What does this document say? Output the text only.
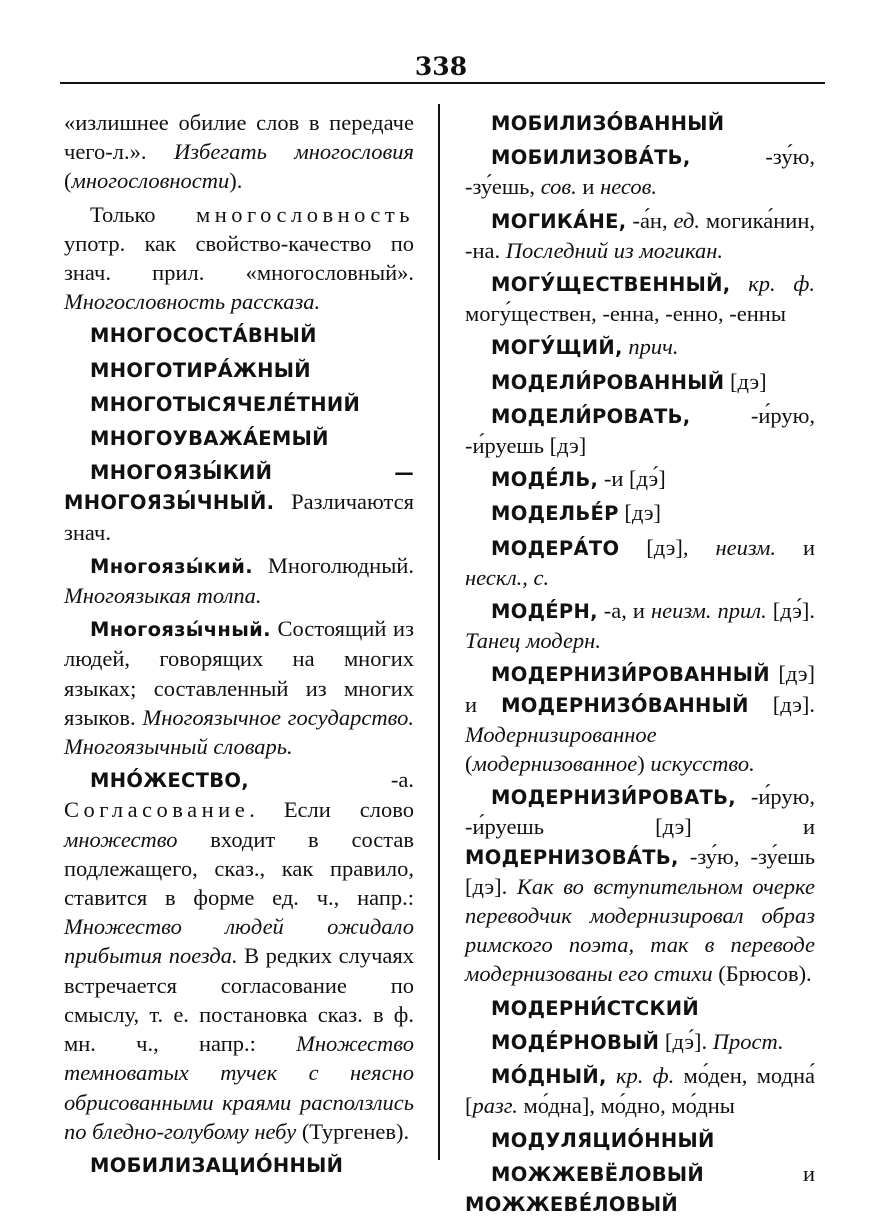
338

«излишнее обилие слов в передаче чего-л.». Избегать многословия (многословности).

Только многословность употр. как свойство-качество по знач. прил. «многословный». Многословность рассказа.

МНОГОСОСТА́ВНЫЙ

МНОГОТИРА́ЖНЫЙ

МНОГОТЫСЯЧЕЛЕ́ТНИЙ

МНОГОУВАЖА́ЕМЫЙ

МНОГОЯЗЫ́КИЙ — МНОГОЯЗЫ́ЧНЫЙ. Различаются знач.

Многоязы́кий. Многолюдный. Многоязыкая толпа.

Многоязы́чный. Состоящий из людей, говорящих на многих языках; составленный из многих языков. Многоязычное государство. Многоязычный словарь.

МНО́ЖЕСТВО, -а. Согласование. Если слово множество входит в состав подлежащего, сказ., как правило, ставится в форме ед. ч., напр.: Множество людей ожидало прибытия поезда. В редких случаях встречается согласование по смыслу, т. е. постановка сказ. в ф. мн. ч., напр.: Множество темноватых тучек с неясно обрисованными краями расползлись по бледно-голубому небу (Тургенев).

МОБИЛИЗАЦИО́ННЫЙ

МОБИЛИЗО́ВАННЫЙ

МОБИЛИЗОВА́ТЬ, -зу́ю, -зу́ешь, сов. и несов.

МОГИКА́НЕ, -а́н, ед. могика́нин, -на. Последний из могикан.

МОГУ́ЩЕСТВЕННЫЙ, кр. ф. могу́ществен, -енна, -енно, -енны

МОГУ́ЩИЙ, прич.

МОДЕЛИ́РОВАННЫЙ [дэ]

МОДЕЛИ́РОВАТЬ, -и́рую, -и́руешь [дэ]

МОДЕ́ЛЬ, -и [дэ́]

МОДЕЛЬЕ́Р [дэ]

МОДЕРА́ТО [дэ], неизм. и нескл., с.

МОДЕ́РН, -а, и неизм. прил. [дэ́]. Танец модерн.

МОДЕРНИЗИ́РОВАННЫЙ [дэ] и МОДЕРНИЗО́ВАННЫЙ [дэ]. Модернизированное (модернизованное) искусство.

МОДЕРНИЗИ́РОВАТЬ, -и́рую, -и́руешь [дэ] и МОДЕРНИЗОВА́ТЬ, -зу́ю, -зу́ешь [дэ]. Как во вступительном очерке переводчик модернизировал образ римского поэта, так в переводе модернизованы его стихи (Брюсов).

МОДЕРНИ́СТСКИЙ

МОДЕ́РНОВЫЙ [дэ́]. Прост.

МО́ДНЫЙ, кр. ф. мо́ден, модна́ [разг. мо́дна], мо́дно, мо́дны

МОДУЛЯЦИО́ННЫЙ

МОЖЖЕВЁЛОВЫЙ и МОЖЖЕВЕ́ЛОВЫЙ
